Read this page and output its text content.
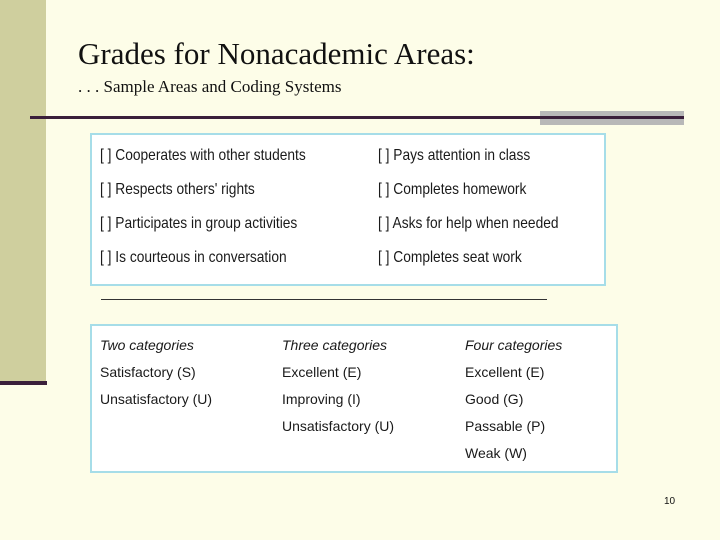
Grades for Nonacademic Areas:
. . . Sample Areas and Coding Systems
[ ] Cooperates with other students
[ ] Respects others' rights
[ ] Participates in group activities
[ ] Is courteous in conversation
[ ] Pays attention in class
[ ] Completes homework
[ ] Asks for help when needed
[ ] Completes seat work
Two categories
Satisfactory (S)
Unsatisfactory (U)
Three categories
Excellent (E)
Improving (I)
Unsatisfactory (U)
Four categories
Excellent (E)
Good (G)
Passable (P)
Weak (W)
10
